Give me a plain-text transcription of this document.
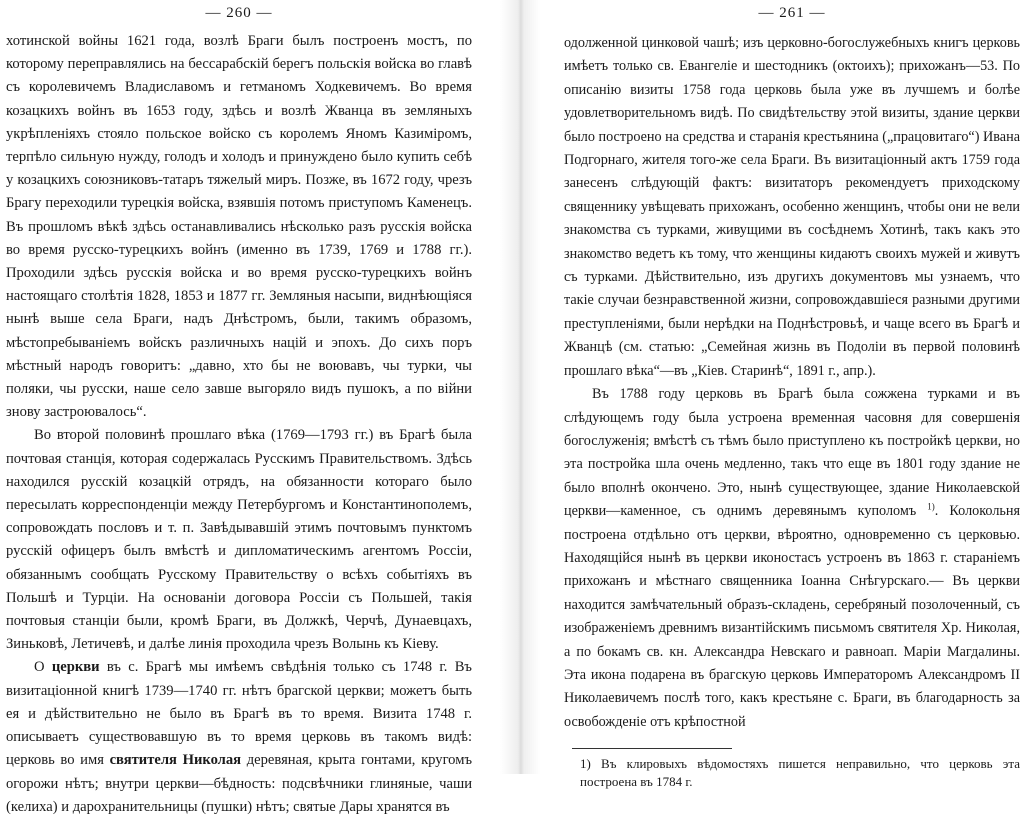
— 260 —

хотинской войны 1621 года, возлѣ Браги былъ построенъ мостъ, по которому переправлялись на бессарабскій берегъ польскія войска во главѣ съ королевичемъ Владиславомъ и гетманомъ Ходкевичемъ. Во время козацкихъ войнъ въ 1653 году, здѣсь и возлѣ Жванца въ земляныхъ укрѣпленіяхъ стояло польское войско съ королемъ Яномъ Казиміромъ, терпѣло сильную нужду, голодъ и холодъ и принуждено было купить себѣ у козацкихъ союзниковъ-татаръ тяжелый миръ. Позже, въ 1672 году, чрезъ Брагу переходили турецкія войска, взявшія потомъ приступомъ Каменецъ. Въ прошломъ вѣкѣ здѣсь останавливались нѣсколько разъ русскія войска во время русско-турецкихъ войнъ (именно въ 1739, 1769 и 1788 гг.). Проходили здѣсь русскія войска и во время русско-турецкихъ войнъ настоящаго столѣтія 1828, 1853 и 1877 гг. Земляныя насыпи, виднѣющіяся нынѣ выше села Браги, надъ Днѣстромъ, были, такимъ образомъ, мѣстопребываніемъ войскъ различныхъ націй и эпохъ. До сихъ поръ мѣстный народъ говоритъ: „давно, хто бы не воювавъ, чы турки, чы поляки, чы русски, наше село завше выгоряло видъ пушокъ, а по війни знову застроювалось“.

Во второй половинѣ прошлаго вѣка (1769—1793 гг.) въ Брагѣ была почтовая станція, которая содержалась Русскимъ Правительствомъ. Здѣсь находился русскій козацкій отрядъ, на обязанности котораго было пересылать корреспонденціи между Петербургомъ и Константинополемъ, сопровождать пословъ и т. п. Завѣдывавшій этимъ почтовымъ пунктомъ русскій офицеръ былъ вмѣстѣ и дипломатическимъ агентомъ Россіи, обязаннымъ сообщать Русскому Правительству о всѣхъ событіяхъ въ Польшѣ и Турціи. На основаніи договора Россіи съ Польшей, такія почтовыя станціи были, кромѣ Браги, въ Должкѣ, Черчѣ, Дунаевцахъ, Зиньковѣ, Летичевѣ, и далѣе линія проходила чрезъ Волынь къ Кіеву.

О церкви въ с. Брагѣ мы имѣемъ свѣдѣнія только съ 1748 г. Въ визитаціонной книгѣ 1739—1740 гг. нѣтъ брагской церкви; можетъ быть ея и дѣйствительно не было въ Брагѣ въ то время. Визита 1748 г. описываетъ существовавшую въ то время церковь въ такомъ видѣ: церковь во имя святителя Николая деревяная, крыта гонтами, кругомъ огорожи нѣтъ; внутри церкви—бѣдность: подсвѣчники глиняные, чаши (келиха) и дарохранительницы (пушки) нѣтъ; святые Дары хранятся въ

— 261 —

одолженной цинковой чашѣ; изъ церковно-богослужебныхъ книгъ церковь имѣетъ только св. Евангеліе и шестодникъ (октоихъ); прихожанъ—53. По описанію визиты 1758 года церковь была уже въ лучшемъ и болѣе удовлетворительномъ видѣ. По свидѣтельству этой визиты, здание церкви было построено на средства и старанія крестьянина („працовитаго“) Ивана Подгорнаго, жителя того-же села Браги. Въ визитаціонный актъ 1759 года занесенъ слѣдующій фактъ: визитаторъ рекомендуетъ приходскому священнику увѣщевать прихожанъ, особенно женщинъ, чтобы они не вели знакомства съ турками, живущими въ сосѣднемъ Хотинѣ, такъ какъ это знакомство ведетъ къ тому, что женщины кидаютъ своихъ мужей и живутъ съ турками. Дѣйствительно, изъ другихъ документовъ мы узнаемъ, что такіе случаи безнравственной жизни, сопровождавшіеся разными другими преступленіями, были нерѣдки на Поднѣстровьѣ, и чаще всего въ Брагѣ и Жванцѣ (см. статью: „Семейная жизнь въ Подоліи въ первой половинѣ прошлаго вѣка“—въ „Кіев. Старинѣ“, 1891 г., апр.).

Въ 1788 году церковь въ Брагѣ была сожжена турками и въ слѣдующемъ году была устроена временная часовня для совершенія богослуженія; вмѣстѣ съ тѣмъ было приступлено къ постройкѣ церкви, но эта постройка шла очень медленно, такъ что еще въ 1801 году здание не было вполнѣ окончено. Это, нынѣ существующее, здание Николаевской церкви—каменное, съ однимъ деревянымъ куполомъ $^{1)}$. Колокольня построена отдѣльно отъ церкви, вѣроятно, одновременно съ церковью. Находящійся нынѣ въ церкви иконостасъ устроенъ въ 1863 г. старанiемъ прихожанъ и мѣстнаго священника Іоанна Снѣгурскаго.— Въ церкви находится замѣчательный образъ-складень, серебряный позолоченный, съ изображеніемъ древнимъ византійскимъ письмомъ святителя Хр. Николая, а по бокамъ св. кн. Александра Невскаго и равноап. Маріи Магдалины. Эта икона подарена въ брагскую церковь Императоромъ Александромъ II Николаевичемъ послѣ того, какъ крестьяне с. Браги, въ благодарность за освобожденіе отъ крѣпостной

1) Въ клировыхъ вѣдомостяхъ пишется неправильно, что церковь эта построена въ 1784 г.
